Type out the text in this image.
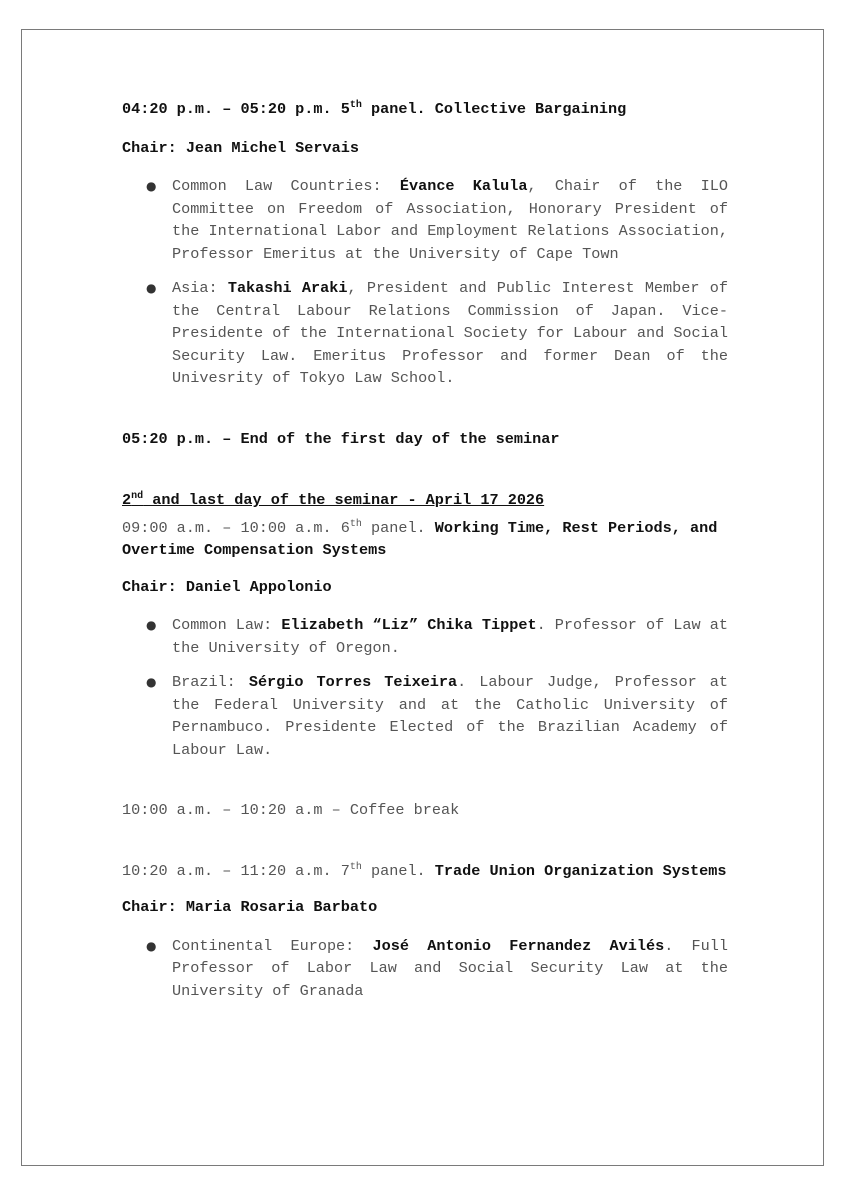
04:20 p.m. – 05:20 p.m. 5th panel. Collective Bargaining

Chair: Jean Michel Servais

● Common Law Countries: Évance Kalula, Chair of the ILO Committee on Freedom of Association, Honorary President of the International Labor and Employment Relations Association, Professor Emeritus at the University of Cape Town
● Asia: Takashi Araki, President and Public Interest Member of the Central Labour Relations Commission of Japan. Vice-Presidente of the International Society for Labour and Social Security Law. Emeritus Professor and former Dean of the Univesrity of Tokyo Law School.

05:20 p.m. – End of the first day of the seminar

2nd and last day of the seminar - April 17 2026

09:00 a.m. – 10:00 a.m. 6th panel. Working Time, Rest Periods, and Overtime Compensation Systems

Chair: Daniel Appolonio

● Common Law: Elizabeth “Liz” Chika Tippet. Professor of Law at the University of Oregon.
● Brazil: Sérgio Torres Teixeira. Labour Judge, Professor at the Federal University and at the Catholic University of Pernambuco. Presidente Elected of the Brazilian Academy of Labour Law.

10:00 a.m. – 10:20 a.m – Coffee break

10:20 a.m. – 11:20 a.m. 7th panel. Trade Union Organization Systems

Chair: Maria Rosaria Barbato

● Continental Europe: José Antonio Fernandez Avilés. Full Professor of Labor Law and Social Security Law at the University of Granada
